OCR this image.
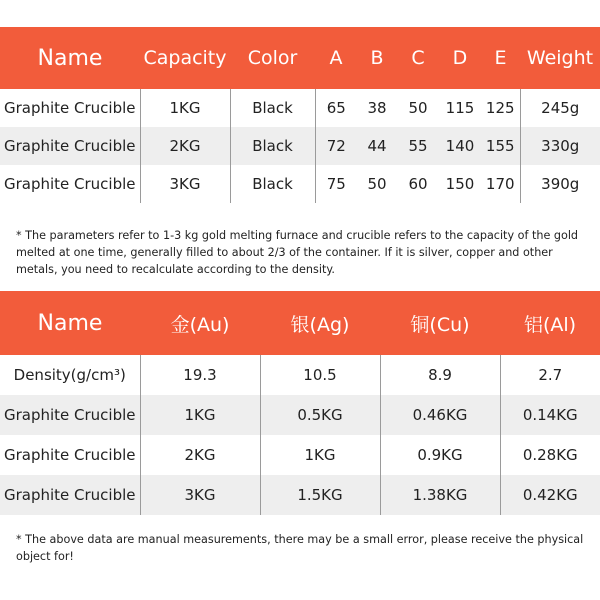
Name	Capacity	Color	A	B	C	D	E	Weight
Graphite Crucible	1KG	Black	65	38	50	115	125	245g
Graphite Crucible	2KG	Black	72	44	55	140	155	330g
Graphite Crucible	3KG	Black	75	50	60	150	170	390g

* The parameters refer to 1-3 kg gold melting furnace and crucible refers to the capacity of the gold melted at one time, generally filled to about 2/3 of the container. If it is silver, copper and other metals, you need to recalculate according to the density.

Name	金(Au)	银(Ag)	铜(Cu)	铝(Al)
Density(g/cm³)	19.3	10.5	8.9	2.7
Graphite Crucible	1KG	0.5KG	0.46KG	0.14KG
Graphite Crucible	2KG	1KG	0.9KG	0.28KG
Graphite Crucible	3KG	1.5KG	1.38KG	0.42KG

* The above data are manual measurements, there may be a small error, please receive the physical object for!
